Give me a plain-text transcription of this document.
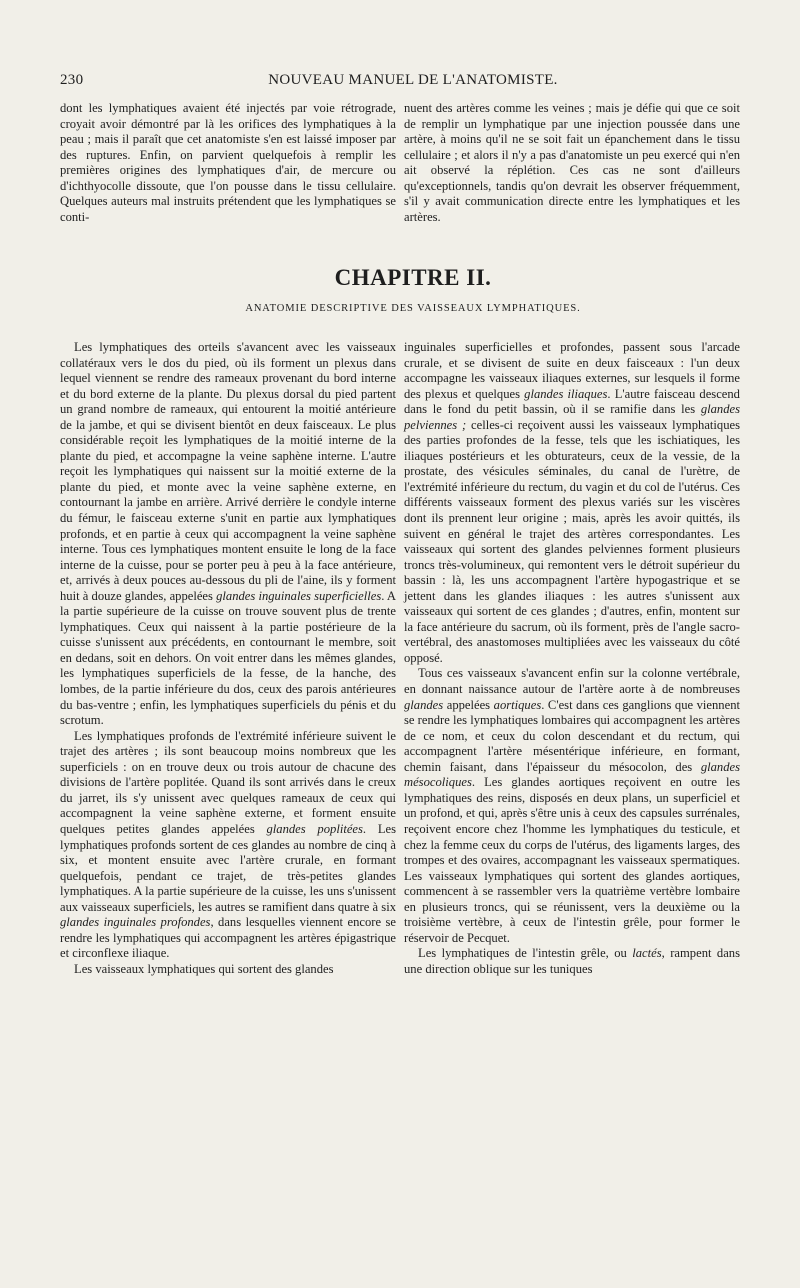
230	NOUVEAU MANUEL DE L'ANATOMISTE.

dont les lymphatiques avaient été injectés par voie rétrograde, croyait avoir démontré par là les orifices des lymphatiques à la peau ; mais il paraît que cet anatomiste s'en est laissé imposer par des ruptures. Enfin, on parvient quelquefois à remplir les premières origines des lymphatiques d'air, de mercure ou d'ichthyocolle dissoute, que l'on pousse dans le tissu cellulaire. Quelques auteurs mal instruits prétendent que les lymphatiques se conti-

nuent des artères comme les veines ; mais je défie qui que ce soit de remplir un lymphatique par une injection poussée dans une artère, à moins qu'il ne se soit fait un épanchement dans le tissu cellulaire ; et alors il n'y a pas d'anatomiste un peu exercé qui n'en ait observé la réplétion. Ces cas ne sont d'ailleurs qu'exceptionnels, tandis qu'on devrait les observer fréquemment, s'il y avait communication directe entre les lymphatiques et les artères.

CHAPITRE II.
ANATOMIE DESCRIPTIVE DES VAISSEAUX LYMPHATIQUES.

Les lymphatiques des orteils s'avancent avec les vaisseaux collatéraux vers le dos du pied, où ils forment un plexus dans lequel viennent se rendre des rameaux provenant du bord interne et du bord externe de la plante. Du plexus dorsal du pied partent un grand nombre de rameaux, qui entourent la moitié antérieure de la jambe, et qui se divisent bientôt en deux faisceaux. Le plus considérable reçoit les lymphatiques de la moitié interne de la plante du pied, et accompagne la veine saphène interne. L'autre reçoit les lymphatiques qui naissent sur la moitié externe de la plante du pied, et monte avec la veine saphène externe, en contournant la jambe en arrière. Arrivé derrière le condyle interne du fémur, le faisceau externe s'unit en partie aux lymphatiques profonds, et en partie à ceux qui accompagnent la veine saphène interne. Tous ces lymphatiques montent ensuite le long de la face interne de la cuisse, pour se porter peu à peu à la face antérieure, et, arrivés à deux pouces au-dessous du pli de l'aine, ils y forment huit à douze glandes, appelées glandes inguinales superficielles. A la partie supérieure de la cuisse on trouve souvent plus de trente lymphatiques. Ceux qui naissent à la partie postérieure de la cuisse s'unissent aux précédents, en contournant le membre, soit en dedans, soit en dehors. On voit entrer dans les mêmes glandes, les lymphatiques superficiels de la fesse, de la hanche, des lombes, de la partie inférieure du dos, ceux des parois antérieures du bas-ventre ; enfin, les lymphatiques superficiels du pénis et du scrotum.

Les lymphatiques profonds de l'extrémité inférieure suivent le trajet des artères ; ils sont beaucoup moins nombreux que les superficiels : on en trouve deux ou trois autour de chacune des divisions de l'artère poplitée. Quand ils sont arrivés dans le creux du jarret, ils s'y unissent avec quelques rameaux de ceux qui accompagnent la veine saphène externe, et forment ensuite quelques petites glandes appelées glandes poplitées. Les lymphatiques profonds sortent de ces glandes au nombre de cinq à six, et montent ensuite avec l'artère crurale, en formant quelquefois, pendant ce trajet, de très-petites glandes lymphatiques. A la partie supérieure de la cuisse, les uns s'unissent aux vaisseaux superficiels, les autres se ramifient dans quatre à six glandes inguinales profondes, dans lesquelles viennent encore se rendre les lymphatiques qui accompagnent les artères épigastrique et circonflexe iliaque.

Les vaisseaux lymphatiques qui sortent des glandes

inguinales superficielles et profondes, passent sous l'arcade crurale, et se divisent de suite en deux faisceaux : l'un deux accompagne les vaisseaux iliaques externes, sur lesquels il forme des plexus et quelques glandes iliaques. L'autre faisceau descend dans le fond du petit bassin, où il se ramifie dans les glandes pelviennes ; celles-ci reçoivent aussi les vaisseaux lymphatiques des parties profondes de la fesse, tels que les ischiatiques, les iliaques postérieurs et les obturateurs, ceux de la vessie, de la prostate, des vésicules séminales, du canal de l'urètre, de l'extrémité inférieure du rectum, du vagin et du col de l'utérus. Ces différents vaisseaux forment des plexus variés sur les viscères dont ils prennent leur origine ; mais, après les avoir quittés, ils suivent en général le trajet des artères correspondantes. Les vaisseaux qui sortent des glandes pelviennes forment plusieurs troncs très-volumineux, qui remontent vers le détroit supérieur du bassin : là, les uns accompagnent l'artère hypogastrique et se jettent dans les glandes iliaques : les autres s'unissent aux vaisseaux qui sortent de ces glandes ; d'autres, enfin, montent sur la face antérieure du sacrum, où ils forment, près de l'angle sacro-vertébral, des anastomoses multipliées avec les vaisseaux du côté opposé.

Tous ces vaisseaux s'avancent enfin sur la colonne vertébrale, en donnant naissance autour de l'artère aorte à de nombreuses glandes appelées aortiques. C'est dans ces ganglions que viennent se rendre les lymphatiques lombaires qui accompagnent les artères de ce nom, et ceux du colon descendant et du rectum, qui accompagnent l'artère mésentérique inférieure, en formant, chemin faisant, dans l'épaisseur du mésocolon, des glandes mésocoliques. Les glandes aortiques reçoivent en outre les lymphatiques des reins, disposés en deux plans, un superficiel et un profond, et qui, après s'être unis à ceux des capsules surrénales, reçoivent encore chez l'homme les lymphatiques du testicule, et chez la femme ceux du corps de l'utérus, des ligaments larges, des trompes et des ovaires, accompagnant les vaisseaux spermatiques. Les vaisseaux lymphatiques qui sortent des glandes aortiques, commencent à se rassembler vers la quatrième vertèbre lombaire en plusieurs troncs, qui se réunissent, vers la deuxième ou la troisième vertèbre, à ceux de l'intestin grêle, pour former le réservoir de Pecquet.

Les lymphatiques de l'intestin grêle, ou lactés, rampent dans une direction oblique sur les tuniques
